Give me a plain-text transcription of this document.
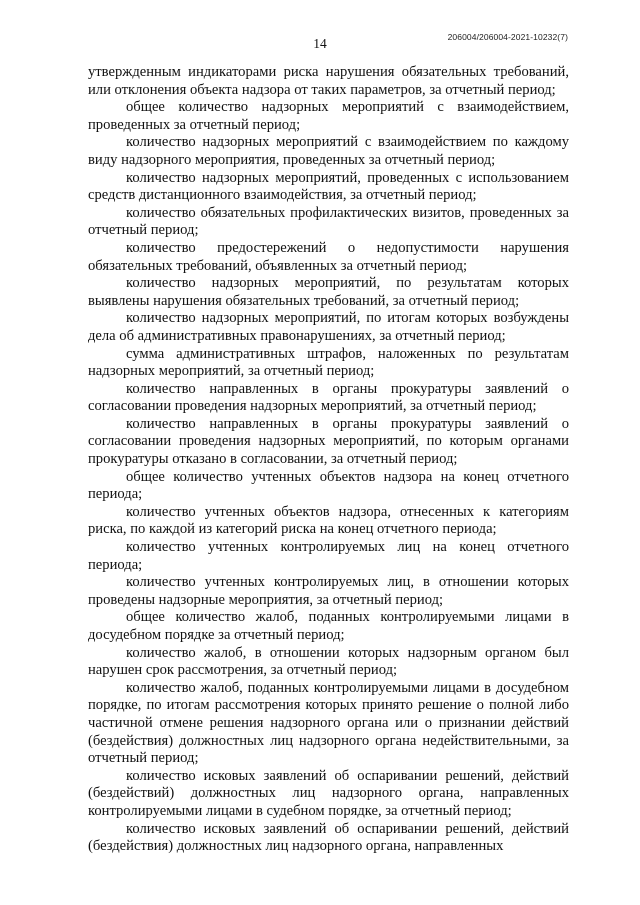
206004/206004-2021-10232(7)
14

утвержденным индикаторами риска нарушения обязательных требований, или отклонения объекта надзора от таких параметров, за отчетный период;

общее количество надзорных мероприятий с взаимодействием, проведенных за отчетный период;

количество надзорных мероприятий с взаимодействием по каждому виду надзорного мероприятия, проведенных за отчетный период;

количество надзорных мероприятий, проведенных с использованием средств дистанционного взаимодействия, за отчетный период;

количество обязательных профилактических визитов, проведенных за отчетный период;

количество предостережений о недопустимости нарушения обязательных требований, объявленных за отчетный период;

количество надзорных мероприятий, по результатам которых выявлены нарушения обязательных требований, за отчетный период;

количество надзорных мероприятий, по итогам которых возбуждены дела об административных правонарушениях, за отчетный период;

сумма административных штрафов, наложенных по результатам надзорных мероприятий, за отчетный период;

количество направленных в органы прокуратуры заявлений о согласовании проведения надзорных мероприятий, за отчетный период;

количество направленных в органы прокуратуры заявлений о согласовании проведения надзорных мероприятий, по которым органами прокуратуры отказано в согласовании, за отчетный период;

общее количество учтенных объектов надзора на конец отчетного периода;

количество учтенных объектов надзора, отнесенных к категориям риска, по каждой из категорий риска на конец отчетного периода;

количество учтенных контролируемых лиц на конец отчетного периода;

количество учтенных контролируемых лиц, в отношении которых проведены надзорные мероприятия, за отчетный период;

общее количество жалоб, поданных контролируемыми лицами в досудебном порядке за отчетный период;

количество жалоб, в отношении которых надзорным органом был нарушен срок рассмотрения, за отчетный период;

количество жалоб, поданных контролируемыми лицами в досудебном порядке, по итогам рассмотрения которых принято решение о полной либо частичной отмене решения надзорного органа или о признании действий (бездействия) должностных лиц надзорного органа недействительными, за отчетный период;

количество исковых заявлений об оспаривании решений, действий (бездействий) должностных лиц надзорного органа, направленных контролируемыми лицами в судебном порядке, за отчетный период;

количество исковых заявлений об оспаривании решений, действий (бездействия) должностных лиц надзорного органа, направленных
